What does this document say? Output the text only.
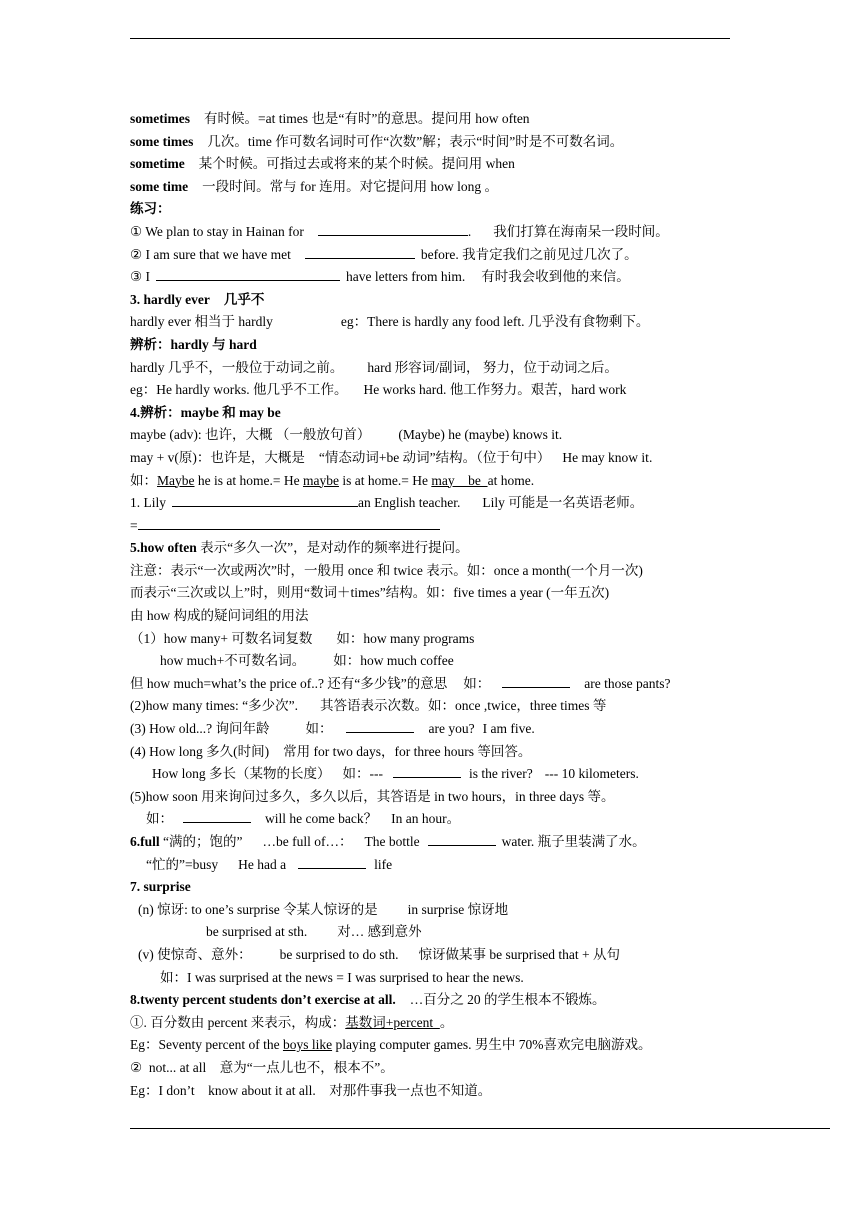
sometimes 有时候。=at times 也是“有时”的意思。提问用 how often
some times 几次。time 作可数名词时可作“次数”解；表示“时间”时是不可数名词。
sometime 某个时候。可指过去或将来的某个时候。提问用 when
some time 一段时间。常与 for 连用。对它提问用 how long 。
练习：
① We plan to stay in Hainan for	. 我们打算在海南呆一段时间。
② I am sure that we have met	before. 我肯定我们之前见过几次了。
③ I	have letters from him. 有时我会收到他的来信。
3. hardly ever 几乎不
hardly ever 相当于 hardly	eg：There is hardly any food left. 几乎没有食物剩下。
辨析：hardly 与 hard
hardly 几乎不，一般位于动词之前。 hard 形容词/副词， 努力，位于动词之后。
eg：He hardly works. 他几乎不工作。 He works hard. 他工作努力。艰苦，hard work
4.辨析：maybe 和 may be
maybe (adv): 也许，大概 （一般放句首） (Maybe) he (maybe) knows it.
may + v(原)：也许是，大概是 “情态动词+be 动词”结构。（位于句中） He may know it.
如：Maybe he is at home.= He maybe is at home.= He may    be  at home.
1. Lily	an English teacher. Lily 可能是一名英语老师。
=
5.how often 表示“多久一次”，是对动作的频率进行提问。
注意：表示“一次或两次”时，一般用 once 和 twice 表示。如：once a month(一个月一次)
而表示“三次或以上”时，则用“数词＋times”结构。如：five times a year (一年五次)
由 how 构成的疑问词组的用法
（1）how many+ 可数名词复数 如：how many programs
how much+不可数名词。 如：how much coffee
但 how much=what’s the price of..? 还有“多少钱”的意思 如：	are those pants?
(2)how many times: “多少次”. 其答语表示次数。如：once ,twice，three times 等
(3) How old...? 询问年龄	如：	are you? I am five.
(4) How long 多久(时间) 常用 for two days，for three hours 等回答。
How long 多长（某物的长度） 如：---	is the river? --- 10 kilometers.
(5)how soon 用来询问过多久，多久以后，其答语是 in two hours，in three days 等。
如：	will he come back？ In an hour。
6.full “满的；饱的” …be full of…： The bottle	water. 瓶子里装满了水。
“忙的”=busy He had a	life
7. surprise
(n) 惊讶: to one’s surprise 令某人惊讶的是 in surprise 惊讶地
be surprised at sth. 对… 感到意外
(v) 使惊奇、意外： be surprised to do sth. 惊讶做某事 be surprised that + 从句
如：I was surprised at the news = I was surprised to hear the news.
8.twenty percent students don’t exercise at all. …百分之 20 的学生根本不锻炼。
①. 百分数由 percent 来表示，构成：基数词+percent  。
Eg：Seventy percent of the boys like playing computer games. 男生中 70%喜欢完电脑游戏。
②  not... at all    意为“一点儿也不，根本不”。
Eg：I don’t    know about it at all.    对那件事我一点也不知道。
